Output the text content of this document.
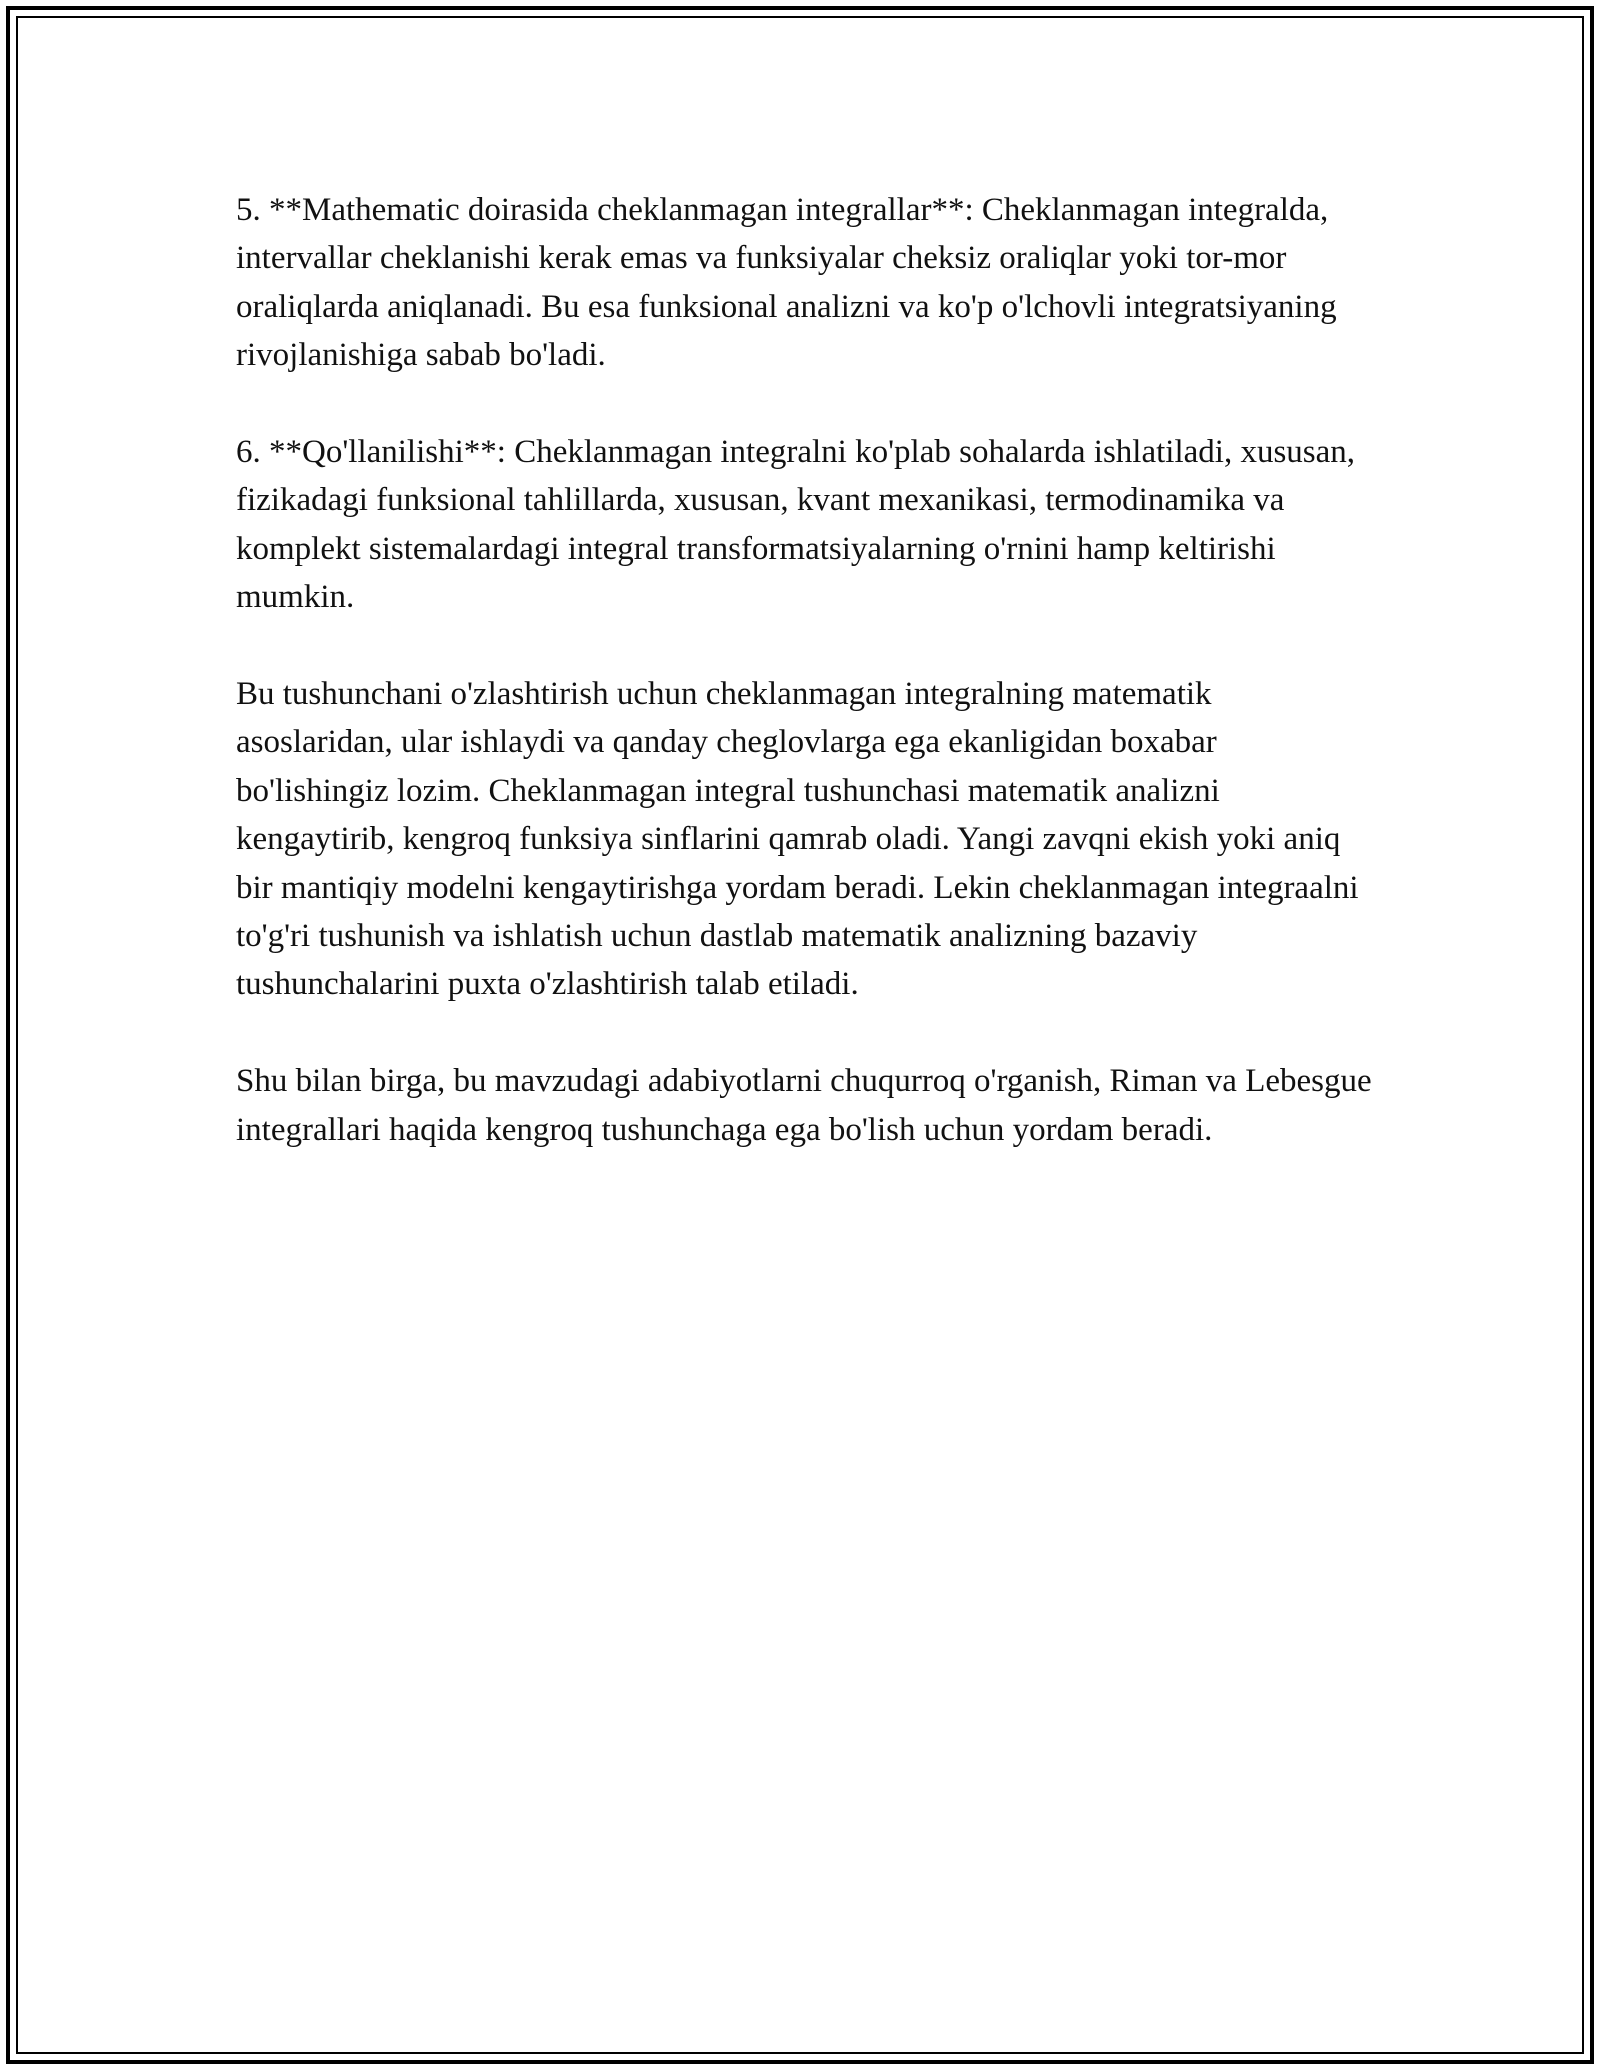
5. **Mathematic doirasida cheklanmagan integrallar**: Cheklanmagan integralda, intervallar cheklanishi kerak emas va funksiyalar cheksiz oraliqlar yoki tor-mor oraliqlarda aniqlanadi. Bu esa funksional analizni va ko'p o'lchovli integratsiyaning rivojlanishiga sabab bo'ladi.

6. **Qo'llanilishi**: Cheklanmagan integralni ko'plab sohalarda ishlatiladi, xususan, fizikadagi funksional tahlillarda, xususan, kvant mexanikasi, termodinamika va komplekt sistemalardagi integral transformatsiyalarning o'rnini hamp keltirishi mumkin.

Bu tushunchani o'zlashtirish uchun cheklanmagan integralning matematik asoslaridan, ular ishlaydi va qanday cheglovlarga ega ekanligidan boxabar bo'lishingiz lozim. Cheklanmagan integral tushunchasi matematik analizni kengaytirib, kengroq funksiya sinflarini qamrab oladi. Yangi zavqni ekish yoki aniq bir mantiqiy modelni kengaytirishga yordam beradi. Lekin cheklanmagan integraalni to'g'ri tushunish va ishlatish uchun dastlab matematik analizning bazaviy tushunchalarini puxta o'zlashtirish talab etiladi.

Shu bilan birga, bu mavzudagi adabiyotlarni chuqurroq o'rganish, Riman va Lebesgue integrallari haqida kengroq tushunchaga ega bo'lish uchun yordam beradi.
